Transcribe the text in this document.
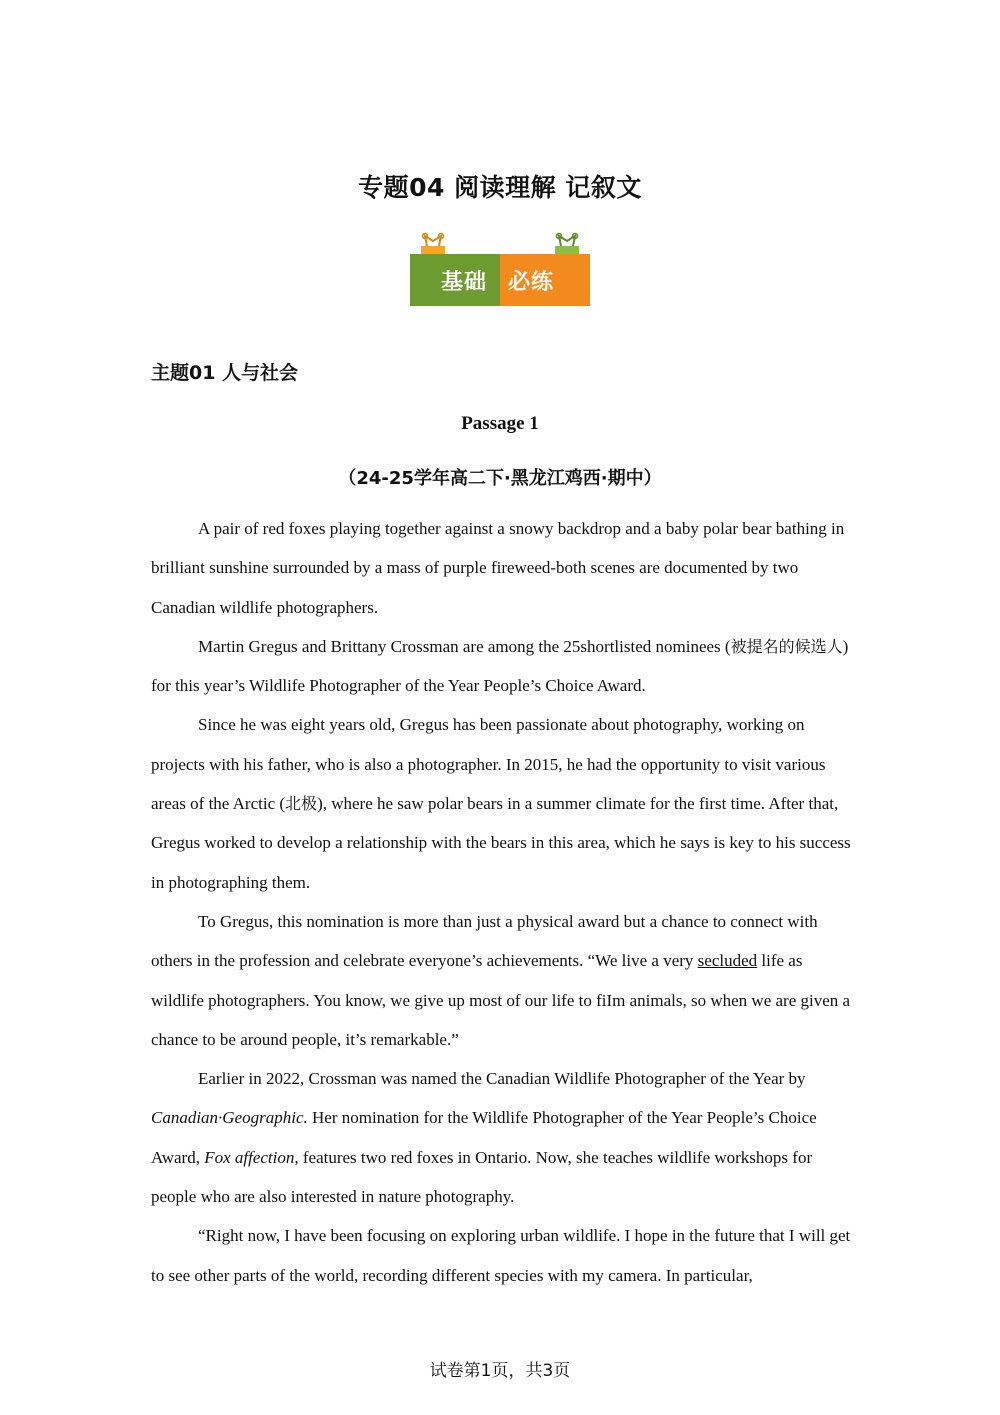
专题04 阅读理解 记叙文
基础 必练
主题01 人与社会
Passage 1
（24-25学年高二下·黑龙江鸡西·期中）

A pair of red foxes playing together against a snowy backdrop and a baby polar bear bathing in brilliant sunshine surrounded by a mass of purple fireweed-both scenes are documented by two Canadian wildlife photographers.

Martin Gregus and Brittany Crossman are among the 25shortlisted nominees (被提名的候选人) for this year’s Wildlife Photographer of the Year People’s Choice Award.

Since he was eight years old, Gregus has been passionate about photography, working on projects with his father, who is also a photographer. In 2015, he had the opportunity to visit various areas of the Arctic (北极), where he saw polar bears in a summer climate for the first time. After that, Gregus worked to develop a relationship with the bears in this area, which he says is key to his success in photographing them.

To Gregus, this nomination is more than just a physical award but a chance to connect with others in the profession and celebrate everyone’s achievements. “We live a very secluded life as wildlife photographers. You know, we give up most of our life to fiIm animals, so when we are given a chance to be around people, it’s remarkable.”

Earlier in 2022, Crossman was named the Canadian Wildlife Photographer of the Year by Canadian·Geographic. Her nomination for the Wildlife Photographer of the Year People’s Choice Award, Fox affection, features two red foxes in Ontario. Now, she teaches wildlife workshops for people who are also interested in nature photography.

“Right now, I have been focusing on exploring urban wildlife. I hope in the future that I will get to see other parts of the world, recording different species with my camera. In particular,

试卷第1页，共3页
